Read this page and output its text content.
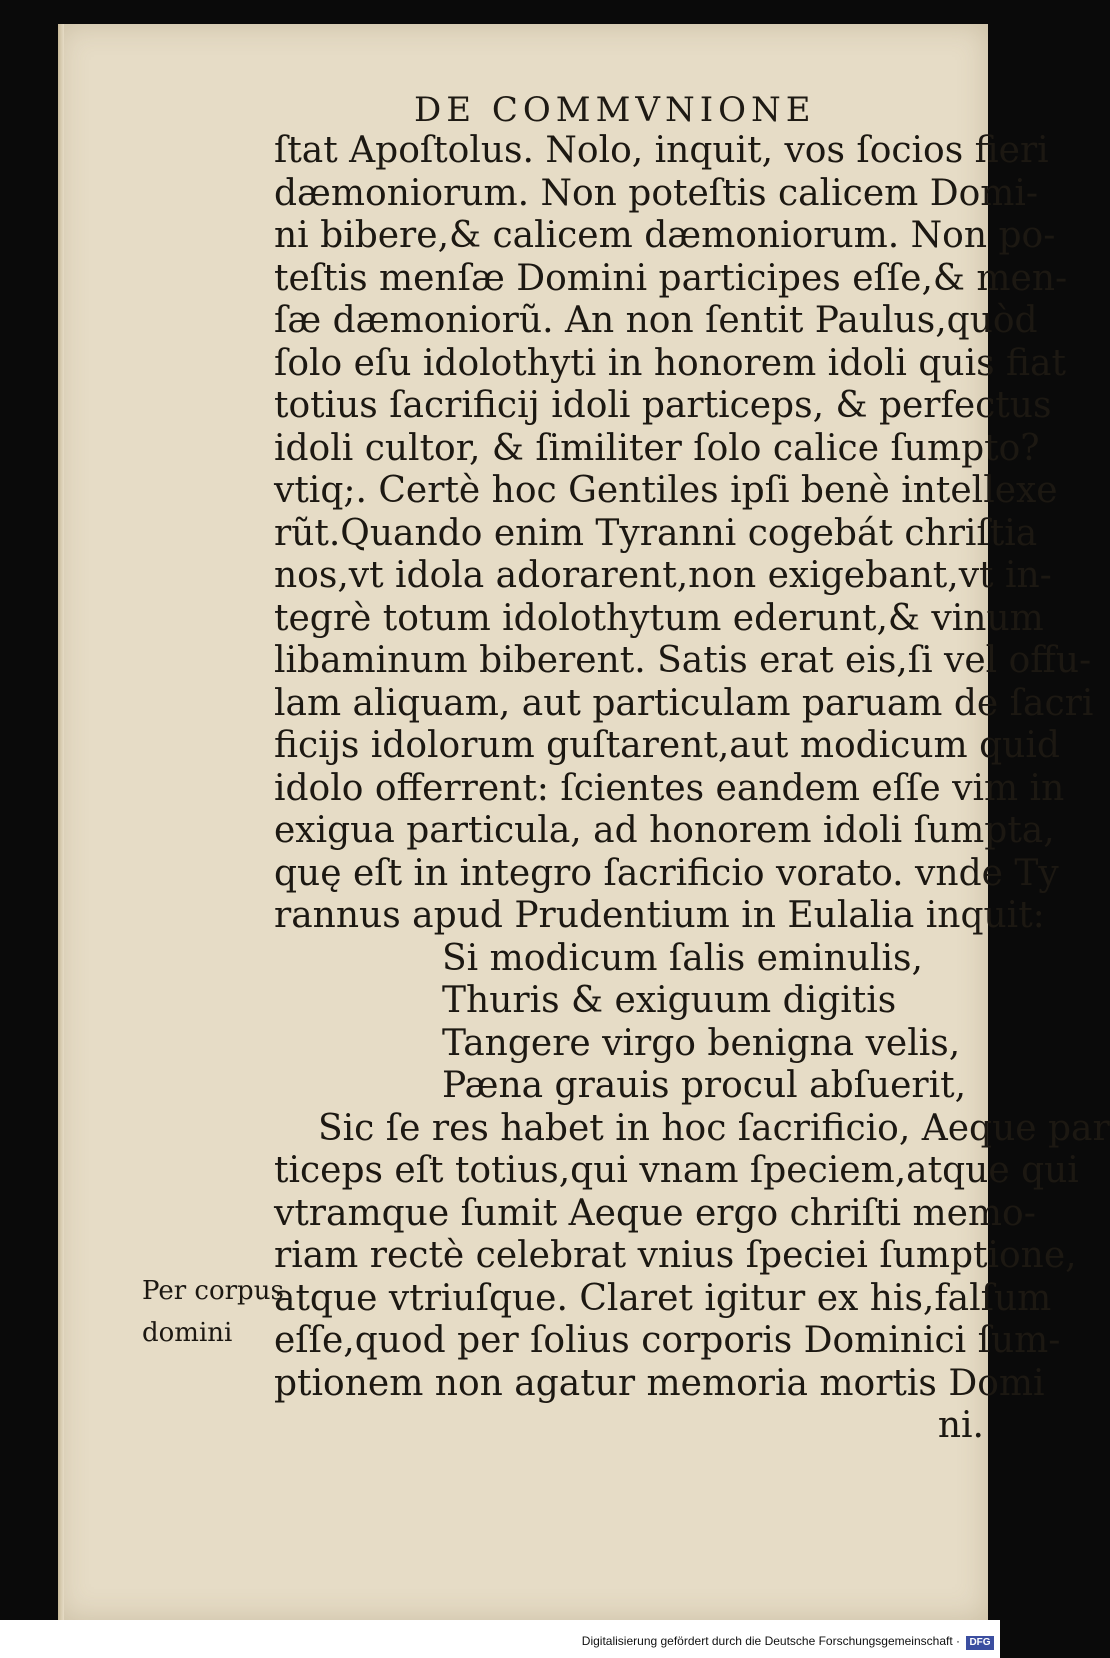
DE COMMVNIONE
ſtat Apoſtolus. Nolo, inquit, vos ſocios fieri
dæmoniorum. Non poteſtis calicem Domi-
ni bibere,& calicem dæmoniorum. Non po-
teſtis menſæ Domini participes eſſe,& men-
ſæ dæmoniorũ. An non ſentit Paulus,quòd
ſolo eſu idolothyti in honorem idoli quis fiat
totius ſacrificij idoli particeps, & perfectus
idoli cultor, & ſimiliter ſolo calice ſumpto?
vtiq;. Certè hoc Gentiles ipſi benè intellexe
rũt.Quando enim Tyranni cogebát chriſtia
nos,vt idola adorarent,non exigebant,vt in-
tegrè totum idolothytum ederunt,& vinum
libaminum biberent. Satis erat eis,ſi vel offu-
lam aliquam, aut particulam paruam de ſacri
ficijs idolorum guſtarent,aut modicum quid
idolo offerrent: ſcientes eandem eſſe vim in
exigua particula, ad honorem idoli ſumpta,
quę eſt in integro ſacrificio vorato. vnde Ty
rannus apud Prudentium in Eulalia inquit:
Si modicum ſalis eminulis,
Thuris & exiguum digitis
Tangere virgo benigna velis,
Pæna grauis procul abſuerit,
Sic ſe res habet in hoc ſacrificio, Aeque par
ticeps eſt totius,qui vnam ſpeciem,atque qui
vtramque ſumit Aeque ergo chriſti memo-
riam rectè celebrat vnius ſpeciei ſumptione,
atque vtriuſque. Claret igitur ex his,falſum
eſſe,quod per ſolius corporis Dominici ſum-
ptionem non agatur memoria mortis Domi
ni.
Per corpus
domini
Digitalisierung gefördert durch die Deutsche Forschungsgemeinschaft · DFG
